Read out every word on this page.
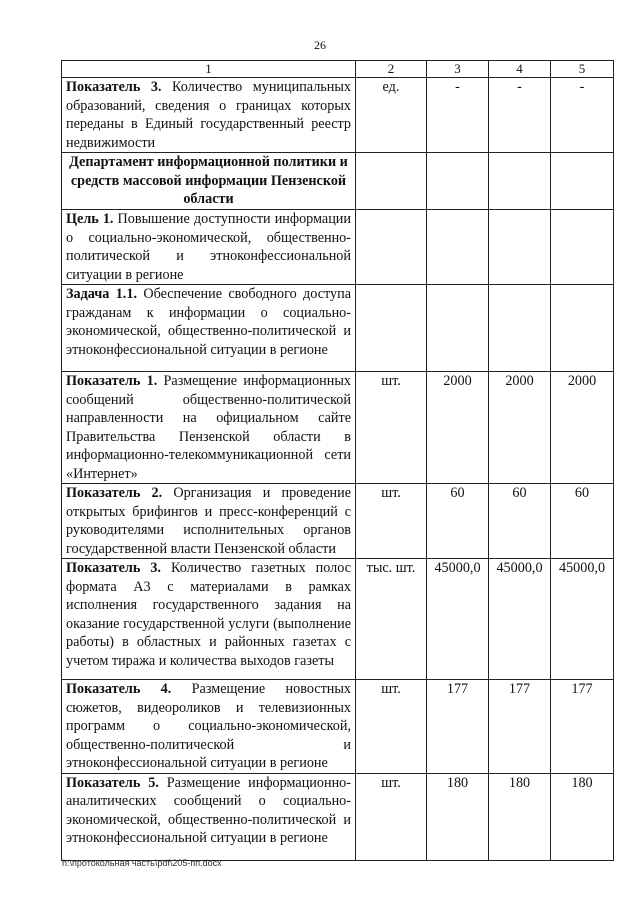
26
1	2	3	4	5
Показатель 3. Количество муниципальных образований, сведения о границах которых переданы в Единый государственный реестр недвижимости	ед.	-	-	-
Департамент информационной политики и средств массовой информации Пензенской области				
Цель 1. Повышение доступности информации о социально-экономической, общественно-политической и этноконфессиональной ситуации в регионе				
Задача 1.1. Обеспечение свободного доступа гражданам к информации о социально-экономической, общественно-политической и этноконфессиональной ситуации в регионе				
Показатель 1. Размещение информационных сообщений общественно-политической направленности на официальном сайте Правительства Пензенской области в информационно-телекоммуникационной сети «Интернет»	шт.	2000	2000	2000
Показатель 2. Организация и проведение открытых брифингов и пресс-конференций с руководителями исполнительных органов государственной власти Пензенской области	шт.	60	60	60
Показатель 3. Количество газетных полос формата А3 с материалами в рамках исполнения государственного задания на оказание государственной услуги (выполнение работы) в областных и районных газетах с учетом тиража и количества выходов газеты	тыс. шт.	45000,0	45000,0	45000,0
Показатель 4. Размещение новостных сюжетов, видеороликов и телевизионных программ о социально-экономической, общественно-политической и этноконфессиональной ситуации в регионе	шт.	177	177	177
Показатель 5. Размещение информационно-аналитических сообщений о социально-экономической, общественно-политической и этноконфессиональной ситуации в регионе	шт.	180	180	180
h:\протокольная часть\pdf\205-пп.docx
